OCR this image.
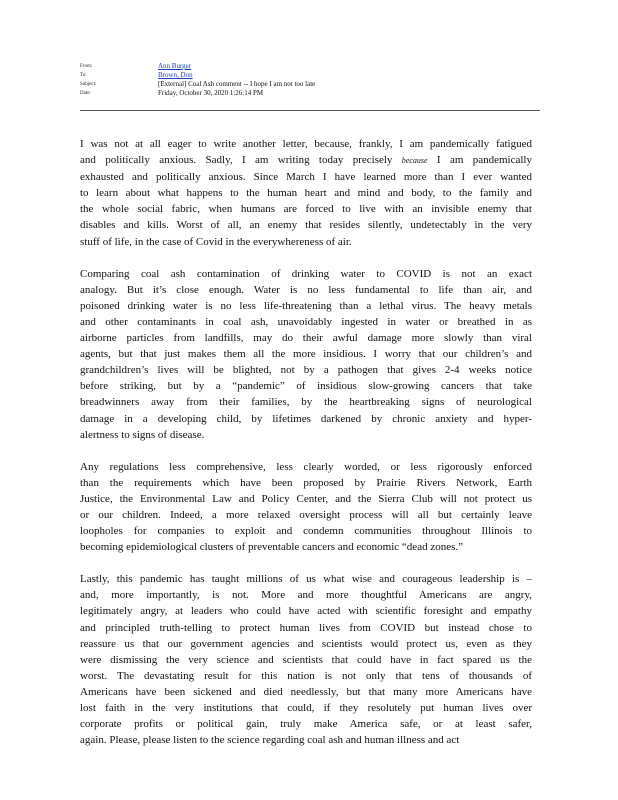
From:	Ann Burger
To:	Brown, Don
Subject:	[External] Coal Ash comment -- I hope I am not too late
Date:	Friday, October 30, 2020 1:26:14 PM
I was not at all eager to write another letter, because, frankly, I am pandemically fatigued
and politically anxious. Sadly, I am writing today precisely because I am pandemically
exhausted and politically anxious. Since March I have learned more than I ever wanted
to learn about what happens to the human heart and mind and body, to the family and
the whole social fabric, when humans are forced to live with an invisible enemy that
disables and kills. Worst of all, an enemy that resides silently, undetectably in the very
stuff of life, in the case of Covid in the everywhereness of air.
Comparing coal ash contamination of drinking water to COVID is not an exact
analogy. But it’s close enough. Water is no less fundamental to life than air, and
poisoned drinking water is no less life-threatening than a lethal virus. The heavy metals
and other contaminants in coal ash, unavoidably ingested in water or breathed in as
airborne particles from landfills, may do their awful damage more slowly than viral
agents, but that just makes them all the more insidious. I worry that our children’s and
grandchildren’s lives will be blighted, not by a pathogen that gives 2-4 weeks notice
before striking, but by a “pandemic” of insidious slow-growing cancers that take
breadwinners away from their families, by the heartbreaking signs of neurological
damage in a developing child, by lifetimes darkened by chronic anxiety and hyper-
alertness to signs of disease.
Any regulations less comprehensive, less clearly worded, or less rigorously enforced
than the requirements which have been proposed by Prairie Rivers Network, Earth
Justice, the Environmental Law and Policy Center, and the Sierra Club will not protect us
or our children. Indeed, a more relaxed oversight process will all but certainly leave
loopholes for companies to exploit and condemn communities throughout Illinois to
becoming epidemiological clusters of preventable cancers and economic “dead zones.”
Lastly, this pandemic has taught millions of us what wise and courageous leadership is –
and, more importantly, is not. More and more thoughtful Americans are angry,
legitimately angry, at leaders who could have acted with scientific foresight and empathy
and principled truth-telling to protect human lives from COVID but instead chose to
reassure us that our government agencies and scientists would protect us, even as they
were dismissing the very science and scientists that could have in fact spared us the
worst. The devastating result for this nation is not only that tens of thousands of
Americans have been sickened and died needlessly, but that many more Americans have
lost faith in the very institutions that could, if they resolutely put human lives over
corporate profits or political gain, truly make America safe, or at least safer,
again. Please, please listen to the science regarding coal ash and human illness and act
